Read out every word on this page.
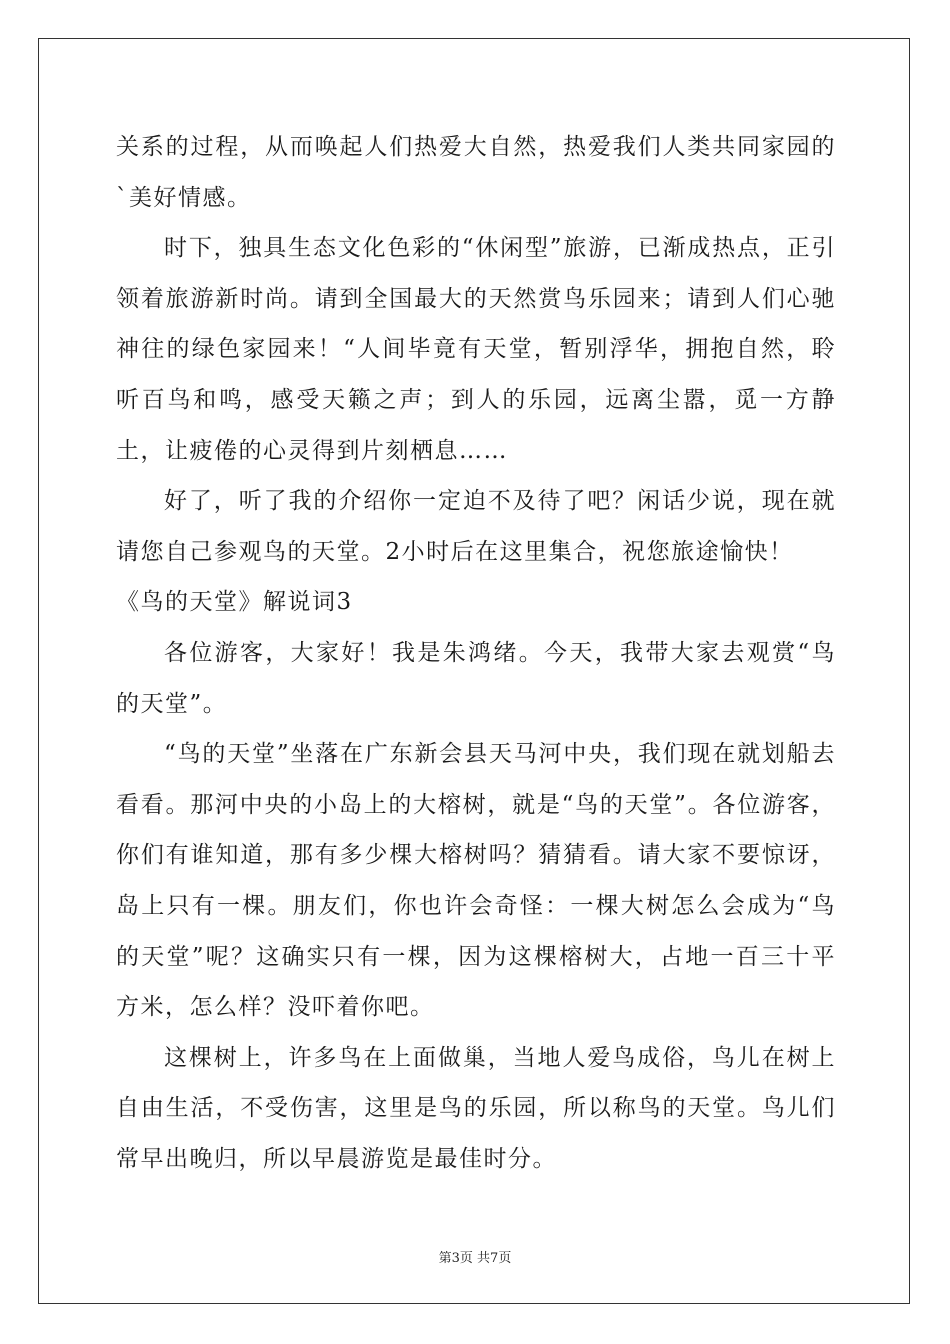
关系的过程，从而唤起人们热爱大自然，热爱我们人类共同家园的`美好情感。

时下，独具生态文化色彩的“休闲型”旅游，已渐成热点，正引领着旅游新时尚。请到全国最大的天然赏鸟乐园来；请到人们心驰神往的绿色家园来！“人间毕竟有天堂，暂别浮华，拥抱自然，聆听百鸟和鸣，感受天籁之声；到人的乐园，远离尘嚣，觅一方静土，让疲倦的心灵得到片刻栖息……

好了，听了我的介绍你一定迫不及待了吧？闲话少说，现在就请您自己参观鸟的天堂。2小时后在这里集合，祝您旅途愉快！

《鸟的天堂》解说词3

各位游客，大家好！我是朱鸿绪。今天，我带大家去观赏“鸟的天堂”。

“鸟的天堂”坐落在广东新会县天马河中央，我们现在就划船去看看。那河中央的小岛上的大榕树，就是“鸟的天堂”。各位游客，你们有谁知道，那有多少棵大榕树吗？猜猜看。请大家不要惊讶，岛上只有一棵。朋友们，你也许会奇怪：一棵大树怎么会成为“鸟的天堂”呢？这确实只有一棵，因为这棵榕树大，占地一百三十平方米，怎么样？没吓着你吧。

这棵树上，许多鸟在上面做巢，当地人爱鸟成俗，鸟儿在树上自由生活，不受伤害，这里是鸟的乐园，所以称鸟的天堂。鸟儿们常早出晚归，所以早晨游览是最佳时分。

第3页 共7页
